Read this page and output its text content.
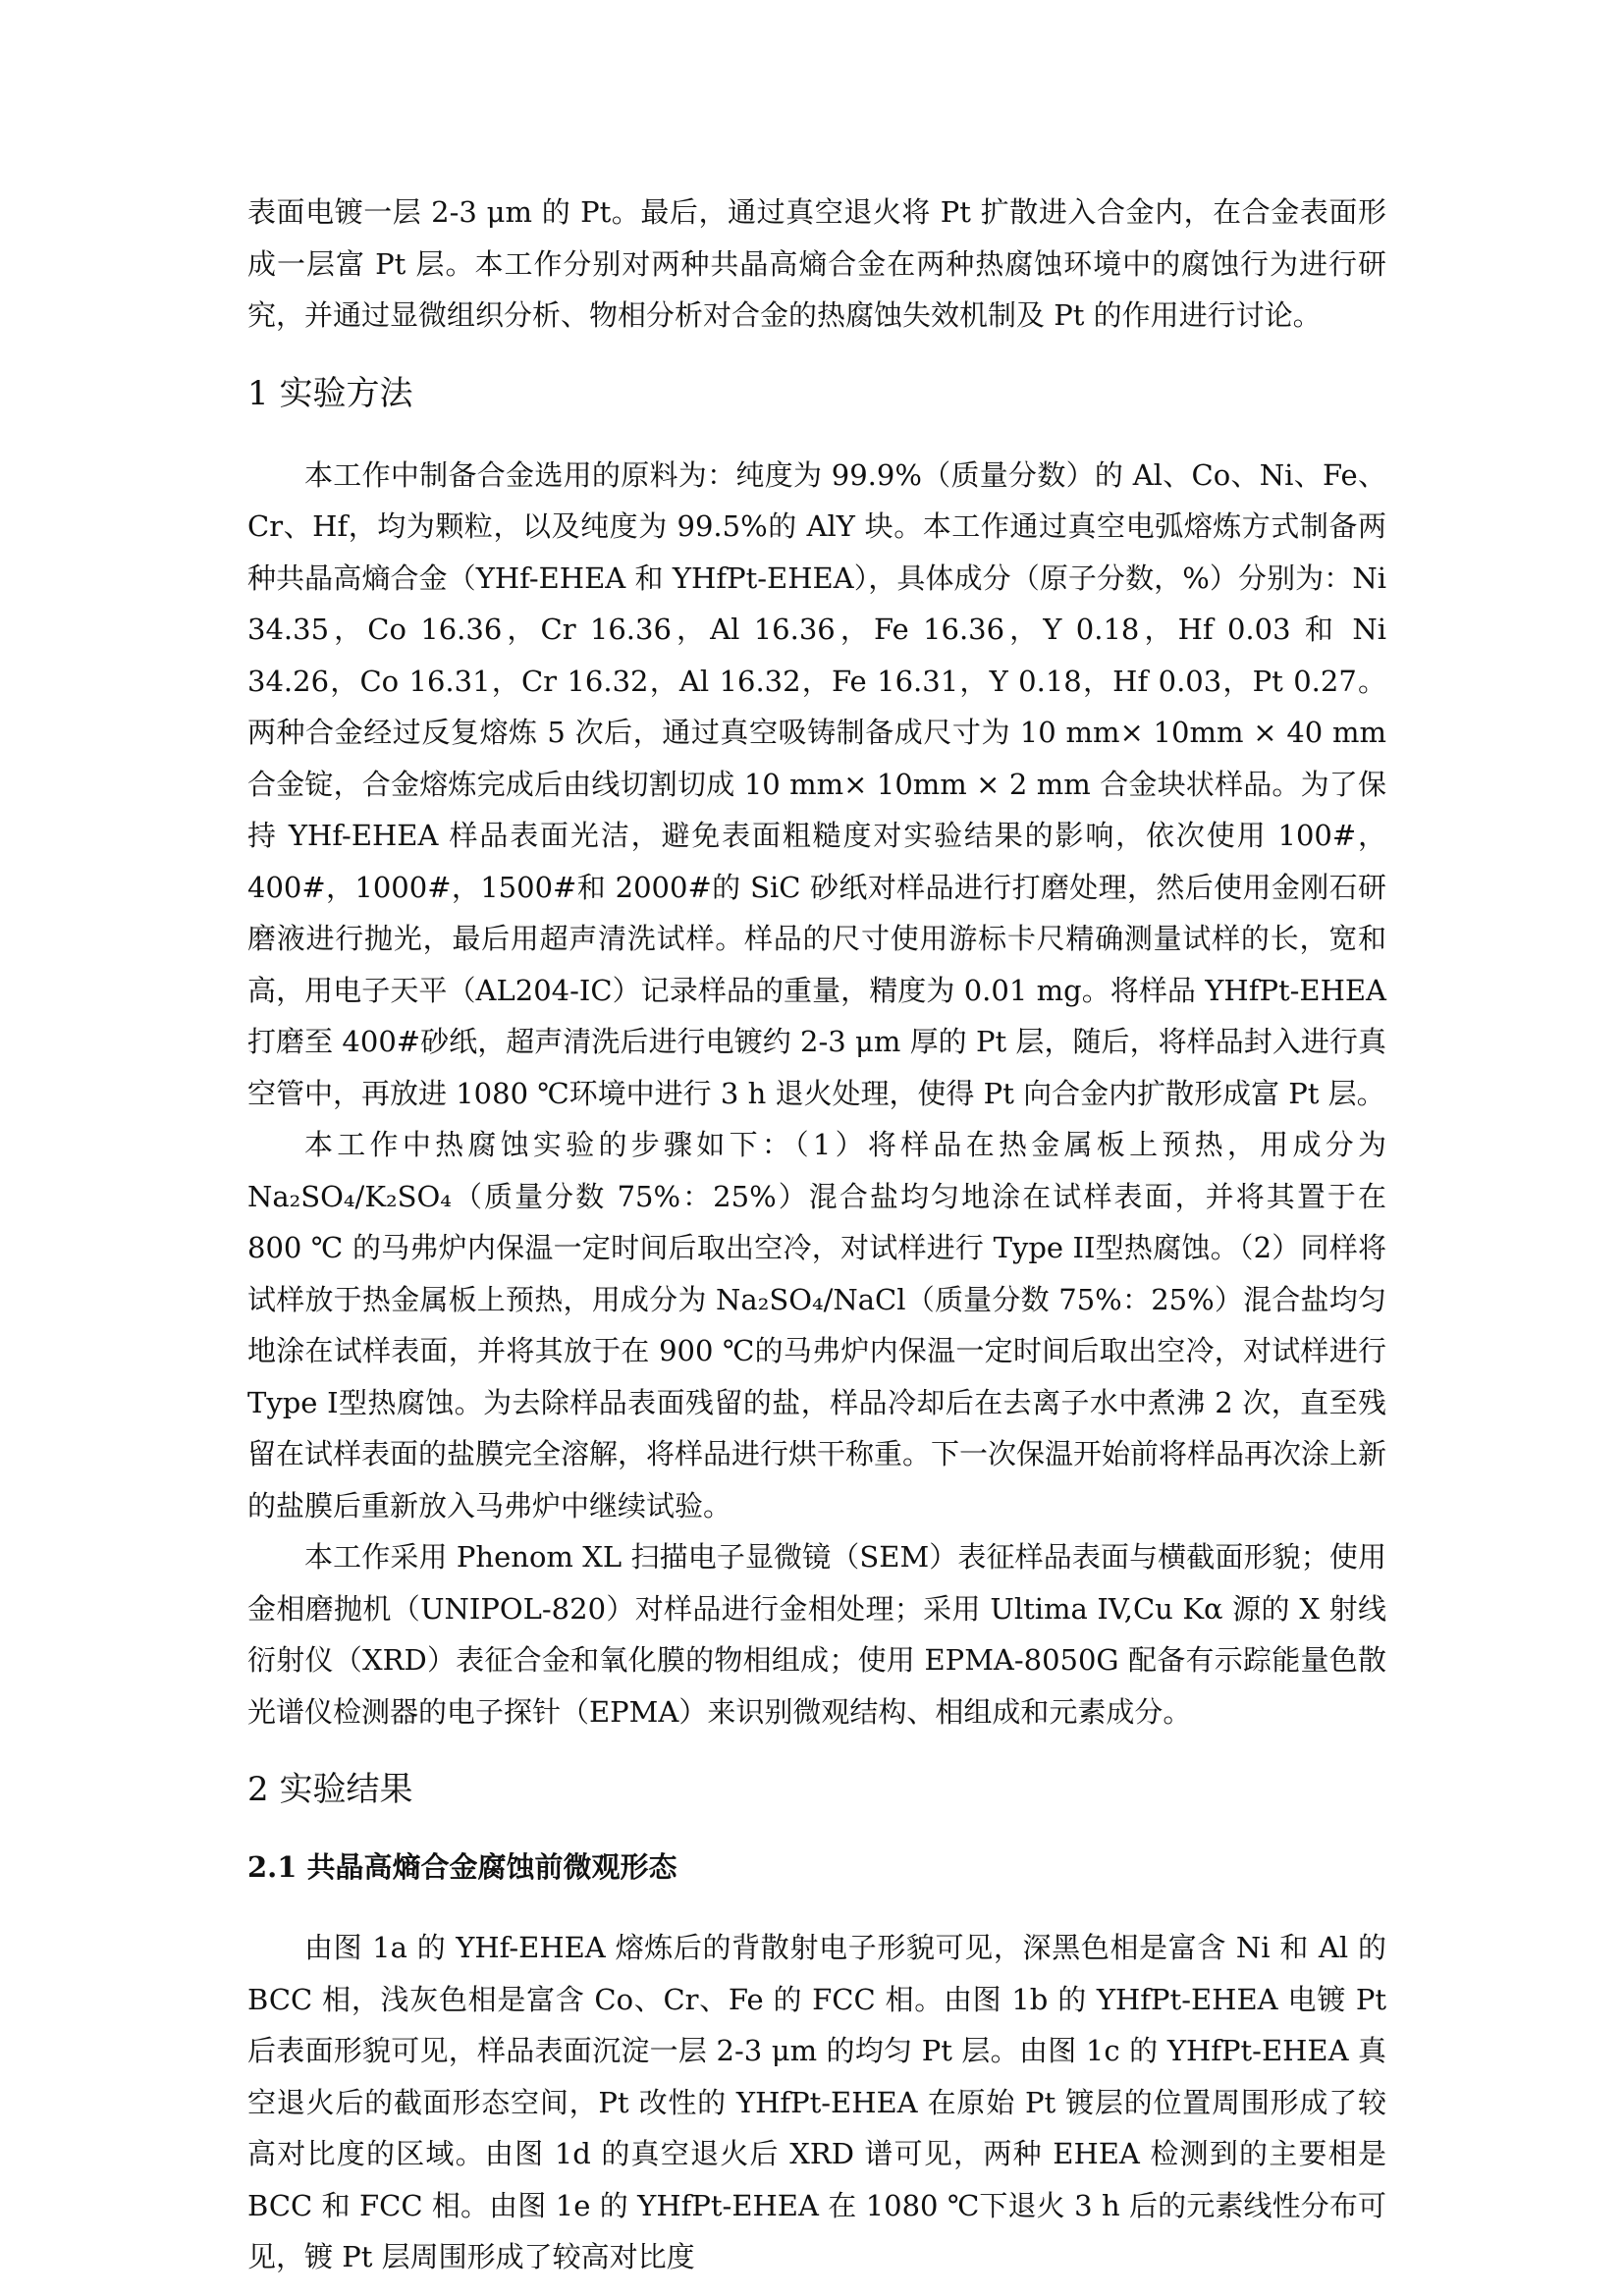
表面电镀一层 2-3 μm 的 Pt。最后，通过真空退火将 Pt 扩散进入合金内，在合金表面形成一层富 Pt 层。本工作分别对两种共晶高熵合金在两种热腐蚀环境中的腐蚀行为进行研究，并通过显微组织分析、物相分析对合金的热腐蚀失效机制及 Pt 的作用进行讨论。

1 实验方法

本工作中制备合金选用的原料为：纯度为 99.9%（质量分数）的 Al、Co、Ni、Fe、Cr、Hf，均为颗粒，以及纯度为 99.5%的 AlY 块。本工作通过真空电弧熔炼方式制备两种共晶高熵合金（YHf-EHEA 和 YHfPt-EHEA），具体成分（原子分数，%）分别为：Ni 34.35，Co 16.36，Cr 16.36，Al 16.36，Fe 16.36，Y 0.18，Hf 0.03 和 Ni 34.26，Co 16.31，Cr 16.32，Al 16.32，Fe 16.31，Y 0.18，Hf 0.03，Pt 0.27。两种合金经过反复熔炼 5 次后，通过真空吸铸制备成尺寸为 10 mm× 10mm × 40 mm 合金锭，合金熔炼完成后由线切割切成 10 mm× 10mm × 2 mm 合金块状样品。为了保持 YHf-EHEA 样品表面光洁，避免表面粗糙度对实验结果的影响，依次使用 100#，400#，1000#，1500#和 2000#的 SiC 砂纸对样品进行打磨处理，然后使用金刚石研磨液进行抛光，最后用超声清洗试样。样品的尺寸使用游标卡尺精确测量试样的长，宽和高，用电子天平（AL204-IC）记录样品的重量，精度为 0.01 mg。将样品 YHfPt-EHEA 打磨至 400#砂纸，超声清洗后进行电镀约 2-3 μm 厚的 Pt 层，随后，将样品封入进行真空管中，再放进 1080 ℃环境中进行 3 h 退火处理，使得 Pt 向合金内扩散形成富 Pt 层。

本工作中热腐蚀实验的步骤如下：（1）将样品在热金属板上预热，用成分为 Na₂SO₄/K₂SO₄（质量分数 75%：25%）混合盐均匀地涂在试样表面，并将其置于在 800 ℃ 的马弗炉内保温一定时间后取出空冷，对试样进行 Type II型热腐蚀。（2）同样将试样放于热金属板上预热，用成分为 Na₂SO₄/NaCl（质量分数 75%：25%）混合盐均匀地涂在试样表面，并将其放于在 900 ℃的马弗炉内保温一定时间后取出空冷，对试样进行 Type I型热腐蚀。为去除样品表面残留的盐，样品冷却后在去离子水中煮沸 2 次，直至残留在试样表面的盐膜完全溶解，将样品进行烘干称重。下一次保温开始前将样品再次涂上新的盐膜后重新放入马弗炉中继续试验。

本工作采用 Phenom XL 扫描电子显微镜（SEM）表征样品表面与横截面形貌；使用金相磨抛机（UNIPOL-820）对样品进行金相处理；采用 Ultima IV,Cu Kα 源的 X 射线衍射仪（XRD）表征合金和氧化膜的物相组成；使用 EPMA-8050G 配备有示踪能量色散光谱仪检测器的电子探针（EPMA）来识别微观结构、相组成和元素成分。

2 实验结果
2.1 共晶高熵合金腐蚀前微观形态

由图 1a 的 YHf-EHEA 熔炼后的背散射电子形貌可见，深黑色相是富含 Ni 和 Al 的 BCC 相，浅灰色相是富含 Co、Cr、Fe 的 FCC 相。由图 1b 的 YHfPt-EHEA 电镀 Pt 后表面形貌可见，样品表面沉淀一层 2-3 μm 的均匀 Pt 层。由图 1c 的 YHfPt-EHEA 真空退火后的截面形态空间，Pt 改性的 YHfPt-EHEA 在原始 Pt 镀层的位置周围形成了较高对比度的区域。由图 1d 的真空退火后 XRD 谱可见，两种 EHEA 检测到的主要相是 BCC 和 FCC 相。由图 1e 的 YHfPt-EHEA 在 1080 ℃下退火 3 h 后的元素线性分布可见，镀 Pt 层周围形成了较高对比度
